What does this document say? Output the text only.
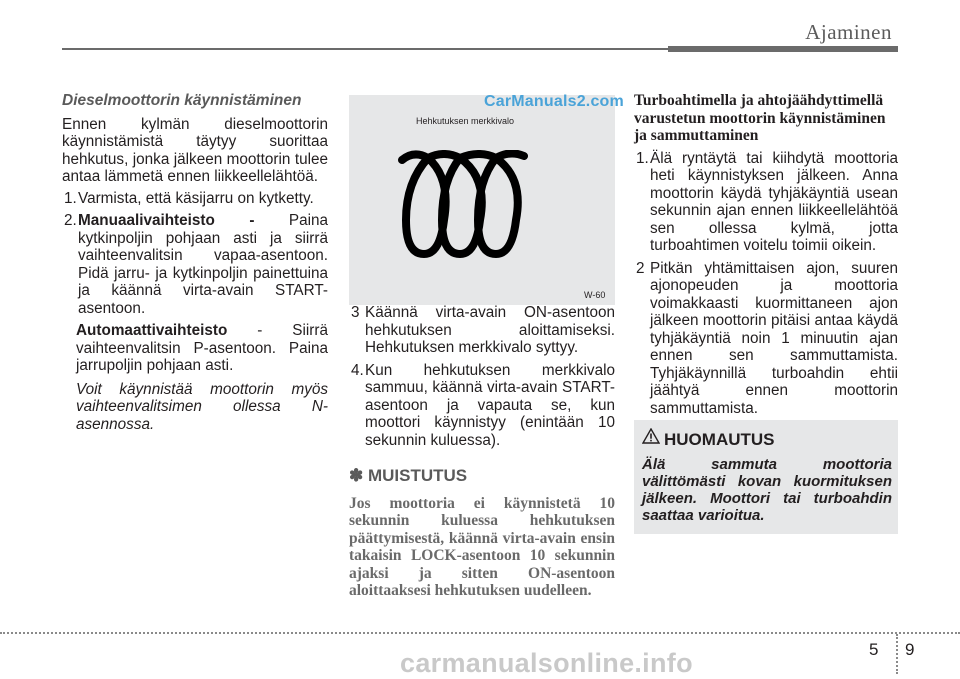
Ajaminen
Dieselmoottorin käynnistäminen

Ennen kylmän dieselmoottorin käynnistämistä täytyy suorittaa hehkutus, jonka jälkeen moottorin tulee antaa lämmetä ennen liikkeellelähtöä.

1. Varmista, että käsijarru on kytketty.
2. Manuaalivaihteisto - Paina kytkinpoljin pohjaan asti ja siirrä vaihteenvalitsin vapaa-asentoon. Pidä jarru- ja kytkinpoljin painettuina ja käännä virta-avain START-asentoon.
Automaattivaihteisto - Siirrä vaihteenvalitsin P-asentoon. Paina jarrupoljin pohjaan asti.
Voit käynnistää moottorin myös vaihteenvalitsimen ollessa N-asennossa.
CarManuals2.com
Hehkutuksen merkkivalo
W-60
3 Käännä virta-avain ON-asentoon hehkutuksen aloittamiseksi. Hehkutuksen merkkivalo syttyy.
4. Kun hehkutuksen merkkivalo sammuu, käännä virta-avain START-asentoon ja vapauta se, kun moottori käynnistyy (enintään 10 sekunnin kuluessa).
✽ MUISTUTUS
Jos moottoria ei käynnistetä 10 sekunnin kuluessa hehkutuksen päättymisestä, käännä virta-avain ensin takaisin LOCK-asentoon 10 sekunnin ajaksi ja sitten ON-asentoon aloittaaksesi hehkutuksen uudelleen.
Turboahtimella ja ahtojäähdyttimellä varustetun moottorin käynnistäminen ja sammuttaminen
1. Älä ryntäytä tai kiihdytä moottoria heti käynnistyksen jälkeen. Anna moottorin käydä tyhjäkäyntiä usean sekunnin ajan ennen liikkeellelähtöä sen ollessa kylmä, jotta turboahtimen voitelu toimii oikein.
2 Pitkän yhtämittaisen ajon, suuren ajonopeuden ja moottoria voimakkaasti kuormittaneen ajon jälkeen moottorin pitäisi antaa käydä tyhjäkäyntiä noin 1 minuutin ajan ennen sen sammuttamista. Tyhjäkäynnillä turboahdin ehtii jäähtyä ennen moottorin sammuttamista.
HUOMAUTUS
Älä sammuta moottoria välittömästi kovan kuormituksen jälkeen. Moottori tai turboahdin saattaa varioitua.
5 9
carmanualsonline.info
